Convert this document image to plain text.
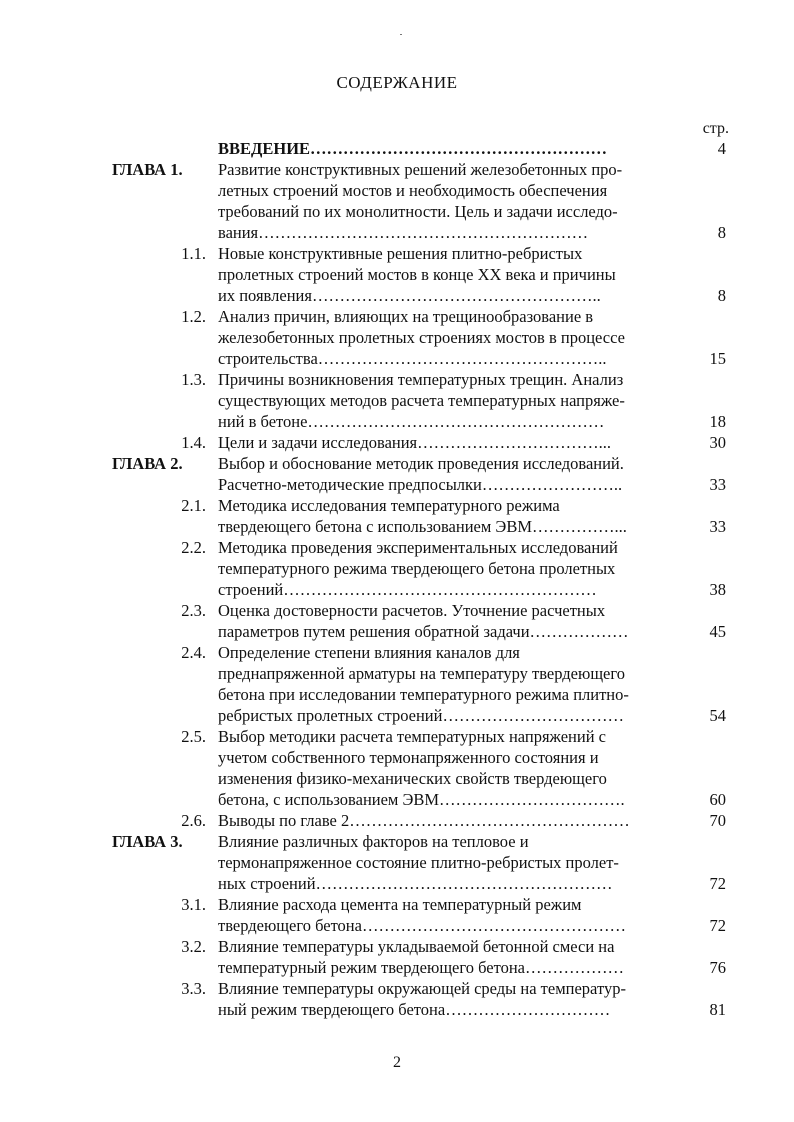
СОДЕРЖАНИЕ
стр.
ВВЕДЕНИЕ………………………………………………	4
ГЛАВА 1.	Развитие конструктивных решений железобетонных про-
летных строений мостов и необходимость обеспечения
требований по их монолитности. Цель и задачи исследо-
вания……………………………………………………	8
1.1. Новые конструктивные решения плитно-ребристых
пролетных строений мостов в конце XX века и причины
их появления……………………………………………..	8
1.2. Анализ причин, влияющих на трещинообразование в
железобетонных пролетных строениях мостов в процессе
строительства……………………………………………..	15
1.3. Причины возникновения температурных трещин. Анализ
существующих методов расчета температурных напряже-
ний в бетоне………………………………………………	18
1.4. Цели и задачи исследования……………………………...	30
ГЛАВА 2.	Выбор и обоснование методик проведения исследований.
Расчетно-методические предпосылки……………………..	33
2.1. Методика исследования температурного режима
твердеющего бетона с использованием ЭВМ……………...	33
2.2. Методика проведения экспериментальных исследований
температурного режима твердеющего бетона пролетных
строений…………………………………………………	38
2.3. Оценка достоверности расчетов. Уточнение расчетных
параметров путем решения обратной задачи………………	45
2.4. Определение степени влияния каналов для
преднапряженной арматуры на температуру твердеющего
бетона при исследовании температурного режима плитно-
ребристых пролетных строений……………………………	54
2.5. Выбор методики расчета температурных напряжений с
учетом собственного термонапряженного состояния и
изменения физико-механических свойств твердеющего
бетона, с использованием ЭВМ…………………………….	60
2.6. Выводы по главе 2……………………………………………	70
ГЛАВА 3.	Влияние различных факторов на тепловое и
термонапряженное состояние плитно-ребристых пролет-
ных строений………………………………………………	72
3.1. Влияние расхода цемента на температурный режим
твердеющего бетона…………………………………………	72
3.2. Влияние температуры укладываемой бетонной смеси на
температурный режим твердеющего бетона………………	76
3.3. Влияние температуры окружающей среды на температур-
ный режим твердеющего бетона…………………………	81
2
